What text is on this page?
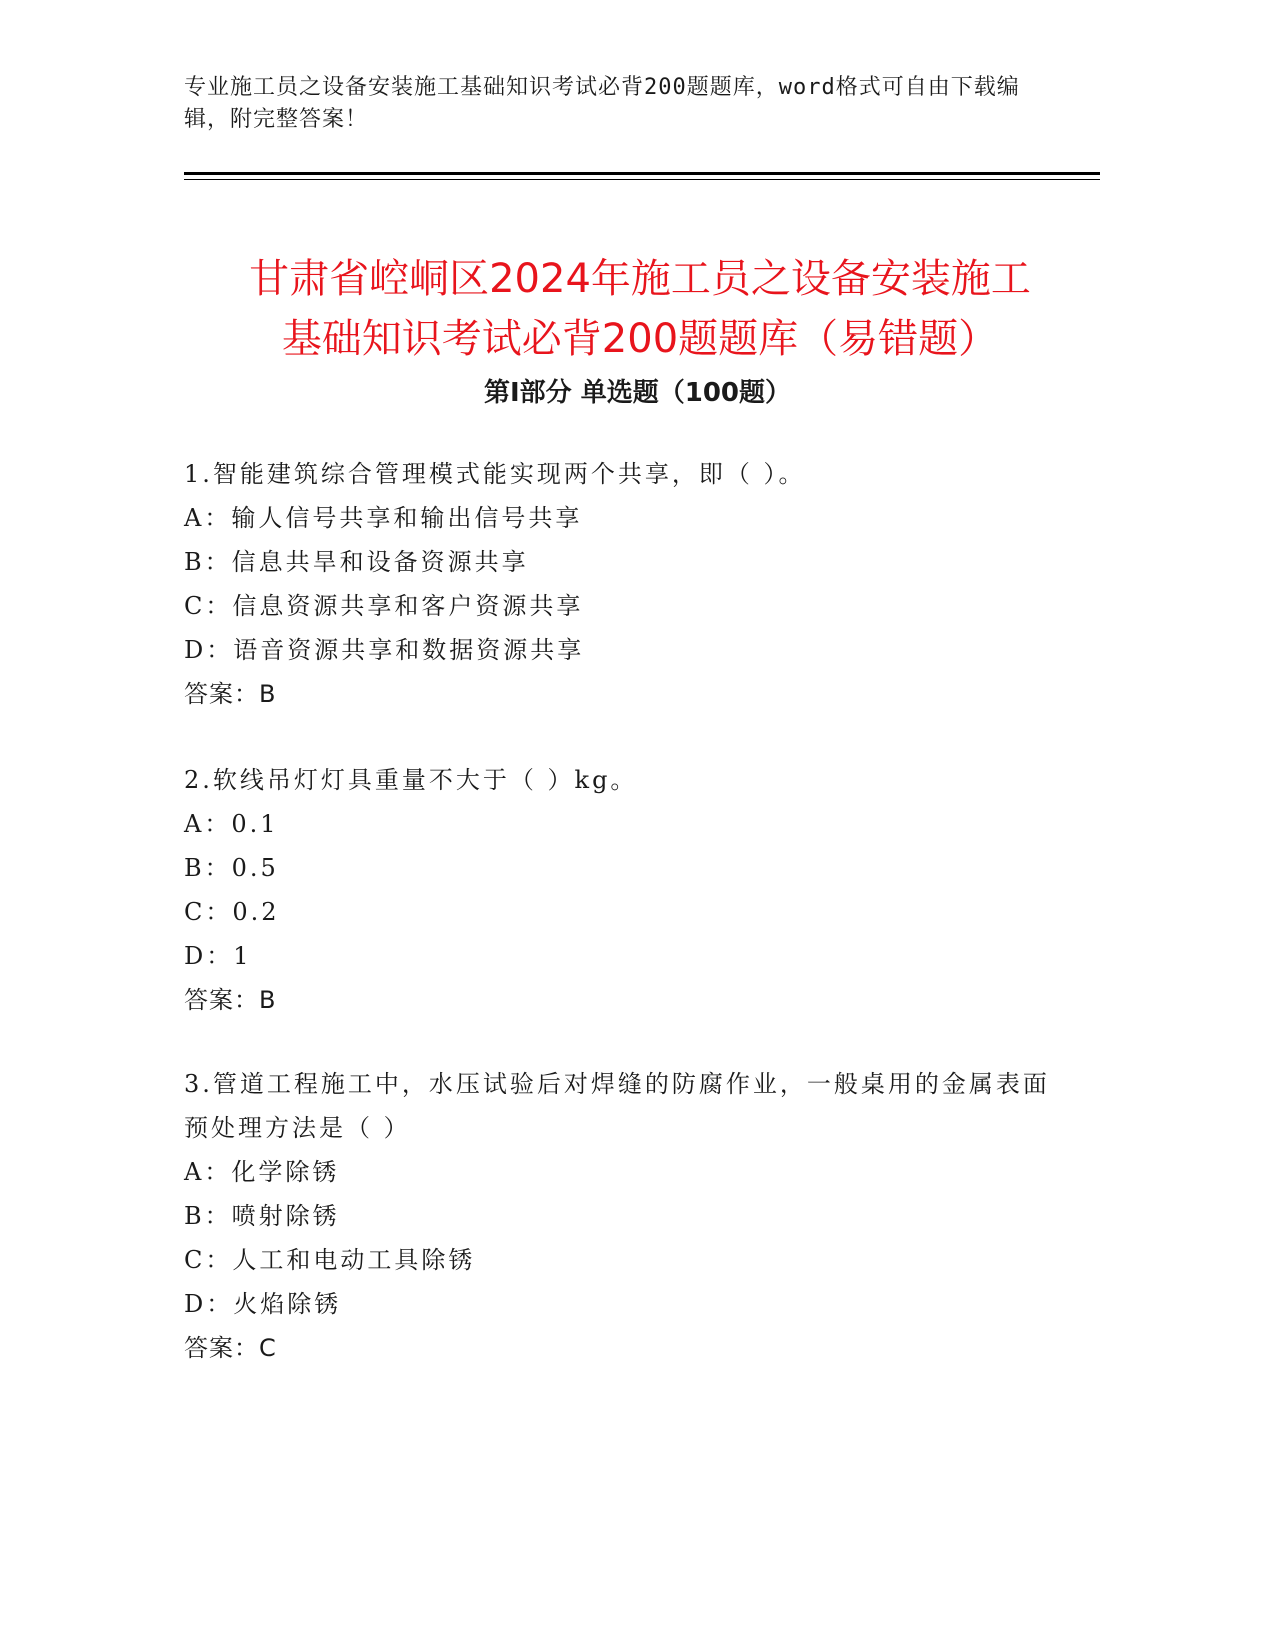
专业施工员之设备安装施工基础知识考试必背200题题库，word格式可自由下载编辑，附完整答案！
甘肃省崆峒区2024年施工员之设备安装施工
基础知识考试必背200题题库（易错题）
第I部分 单选题（100题）
1.智能建筑综合管理模式能实现两个共享，即（ ）。
A：输人信号共享和输出信号共享
B：信息共旱和设备资源共享
C：信息资源共享和客户资源共享
D：语音资源共享和数据资源共享
答案：B
2.软线吊灯灯具重量不大于（ ）kg。
A：0.1
B：0.5
C：0.2
D：1
答案：B
3.管道工程施工中，水压试验后对焊缝的防腐作业，一般桌用的金属表面预处理方法是（ ）
A：化学除锈
B：喷射除锈
C：人工和电动工具除锈
D：火焰除锈
答案：C
